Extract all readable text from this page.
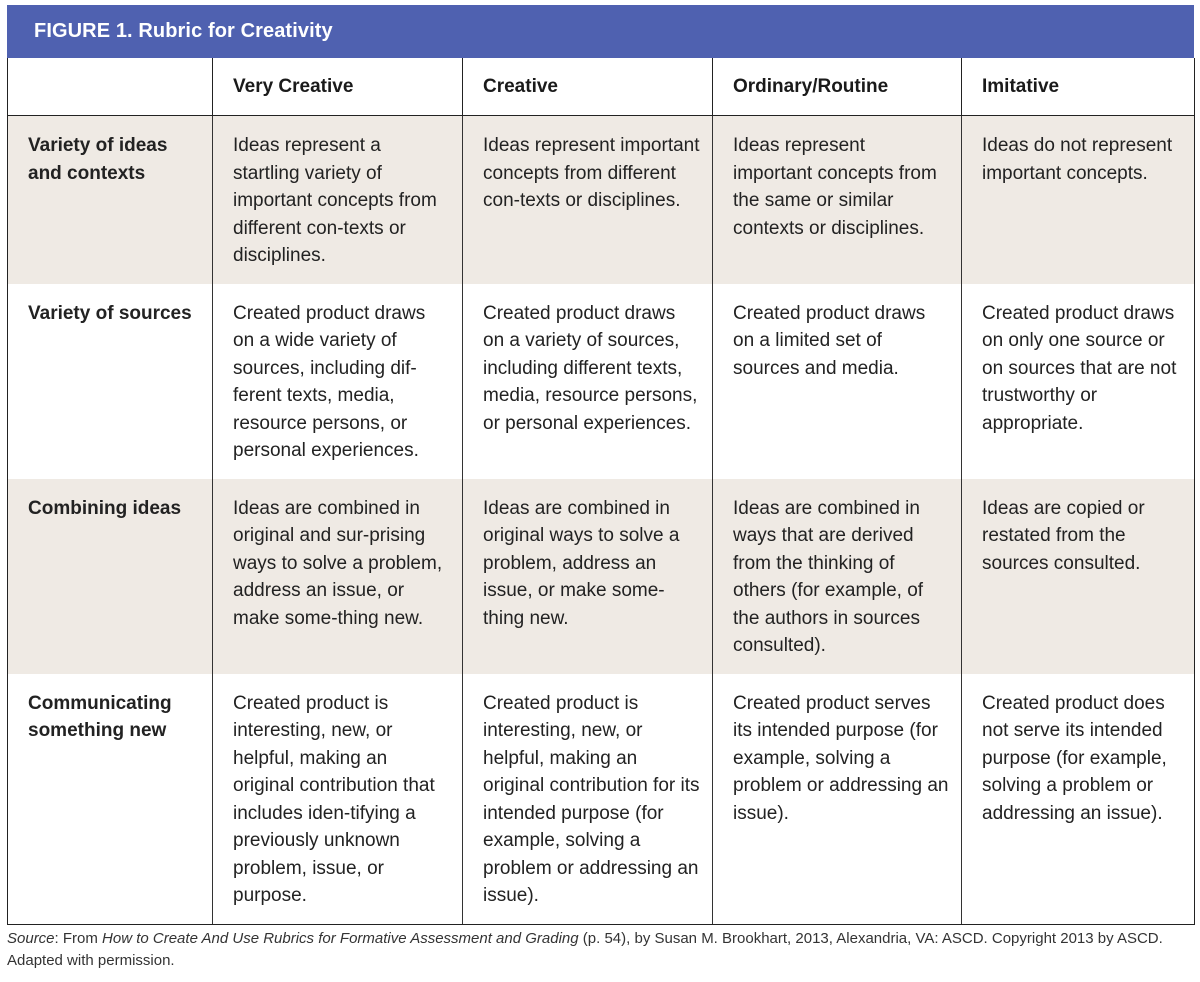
FIGURE 1. Rubric for Creativity
	Very Creative	Creative	Ordinary/Routine	Imitative
Variety of ideas and contexts	Ideas represent a startling variety of important concepts from different con-texts or disciplines.	Ideas represent important concepts from different con-texts or disciplines.	Ideas represent important concepts from the same or similar contexts or disciplines.	Ideas do not represent important concepts.
Variety of sources	Created product draws on a wide variety of sources, including dif-ferent texts, media, resource persons, or personal experiences.	Created product draws on a variety of sources, including different texts, media, resource persons, or personal experiences.	Created product draws on a limited set of sources and media.	Created product draws on only one source or on sources that are not trustworthy or appropriate.
Combining ideas	Ideas are combined in original and sur-prising ways to solve a problem, address an issue, or make some-thing new.	Ideas are combined in original ways to solve a problem, address an issue, or make some-thing new.	Ideas are combined in ways that are derived from the thinking of others (for example, of the authors in sources consulted).	Ideas are copied or restated from the sources consulted.
Communicating something new	Created product is interesting, new, or helpful, making an original contribution that includes iden-tifying a previously unknown problem, issue, or purpose.	Created product is interesting, new, or helpful, making an original contribution for its intended purpose (for example, solving a problem or addressing an issue).	Created product serves its intended purpose (for example, solving a problem or addressing an issue).	Created product does not serve its intended purpose (for example, solving a problem or addressing an issue).
Source: From How to Create And Use Rubrics for Formative Assessment and Grading (p. 54), by Susan M. Brookhart, 2013, Alexandria, VA: ASCD. Copyright 2013 by ASCD. Adapted with permission.
